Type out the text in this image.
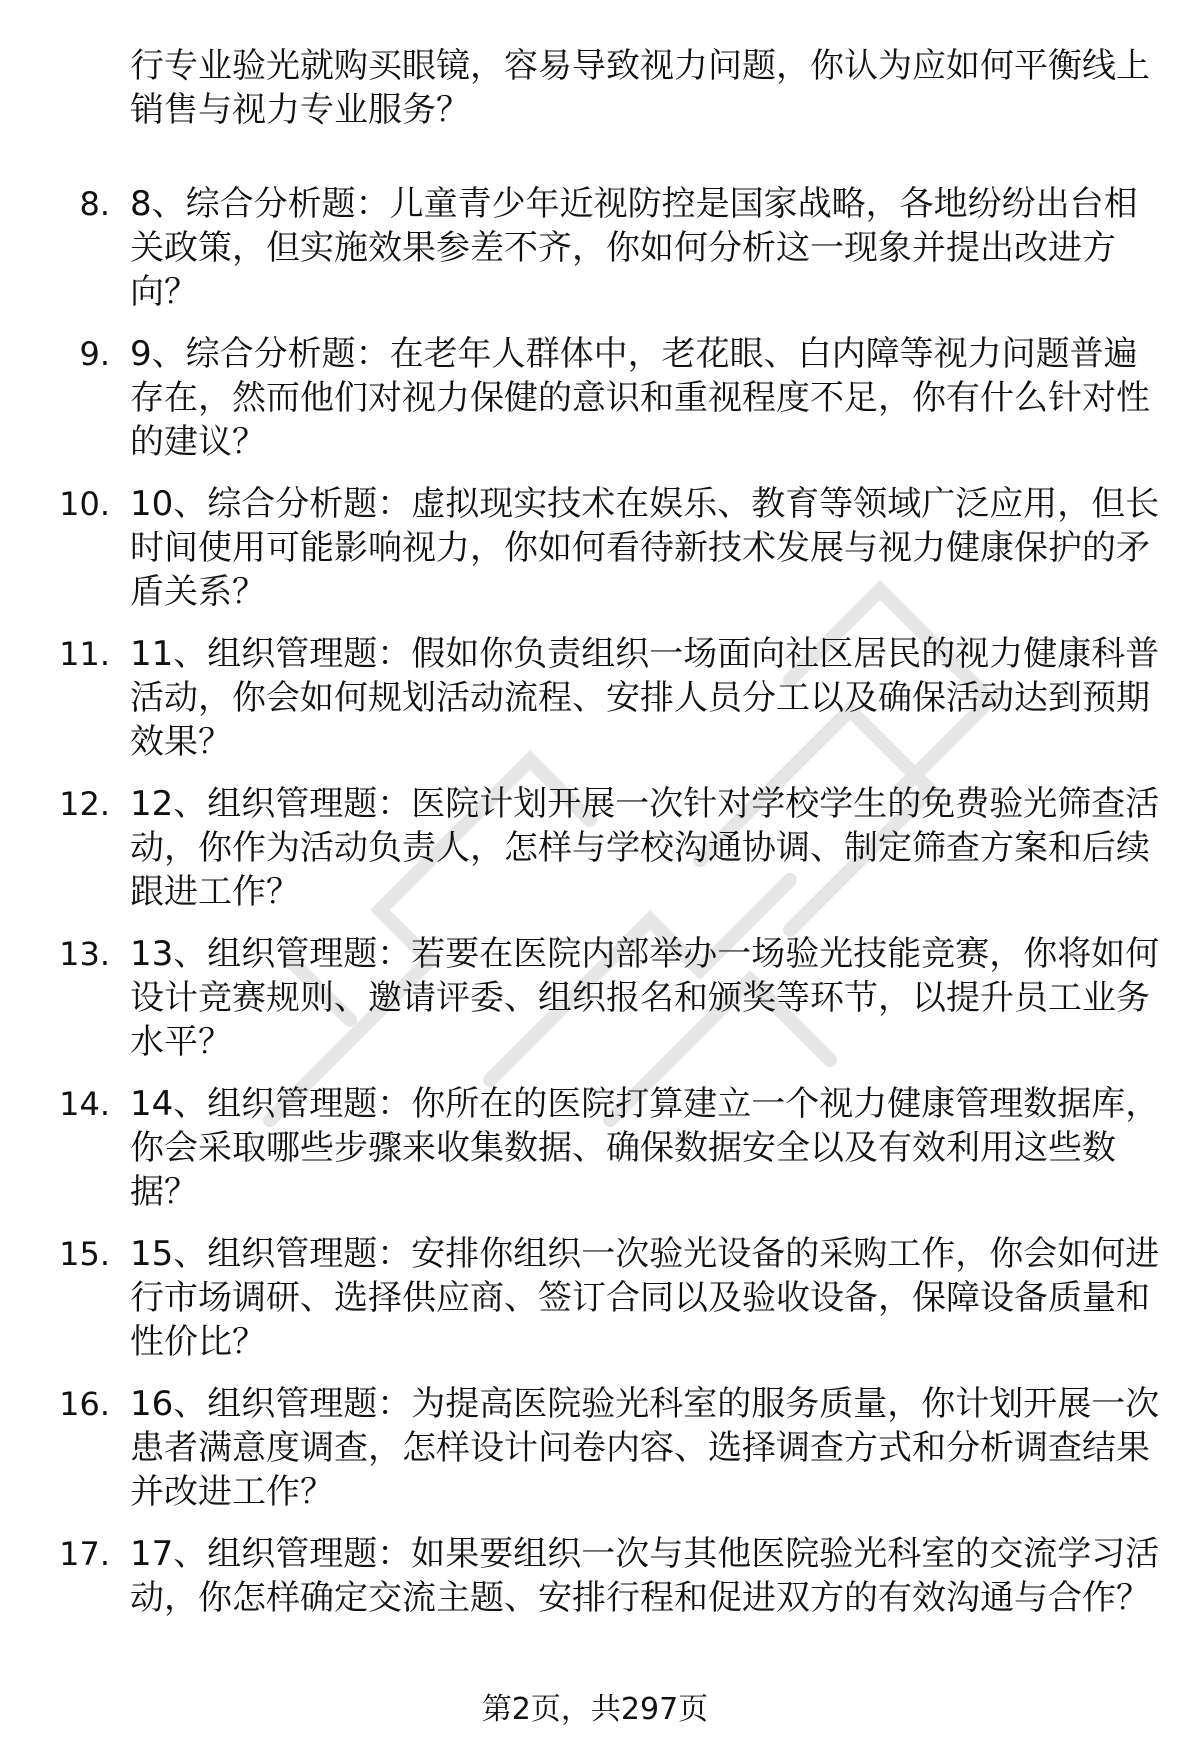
行专业验光就购买眼镜，容易导致视力问题，你认为应如何平衡线上销售与视力专业服务？
8. 8、综合分析题：儿童青少年近视防控是国家战略，各地纷纷出台相关政策，但实施效果参差不齐，你如何分析这一现象并提出改进方向？
9. 9、综合分析题：在老年人群体中，老花眼、白内障等视力问题普遍存在，然而他们对视力保健的意识和重视程度不足，你有什么针对性的建议？
10. 10、综合分析题：虚拟现实技术在娱乐、教育等领域广泛应用，但长时间使用可能影响视力，你如何看待新技术发展与视力健康保护的矛盾关系？
11. 11、组织管理题：假如你负责组织一场面向社区居民的视力健康科普活动，你会如何规划活动流程、安排人员分工以及确保活动达到预期效果？
12. 12、组织管理题：医院计划开展一次针对学校学生的免费验光筛查活动，你作为活动负责人，怎样与学校沟通协调、制定筛查方案和后续跟进工作？
13. 13、组织管理题：若要在医院内部举办一场验光技能竞赛，你将如何设计竞赛规则、邀请评委、组织报名和颁奖等环节，以提升员工业务水平？
14. 14、组织管理题：你所在的医院打算建立一个视力健康管理数据库，你会采取哪些步骤来收集数据、确保数据安全以及有效利用这些数据？
15. 15、组织管理题：安排你组织一次验光设备的采购工作，你会如何进行市场调研、选择供应商、签订合同以及验收设备，保障设备质量和性价比？
16. 16、组织管理题：为提高医院验光科室的服务质量，你计划开展一次患者满意度调查，怎样设计问卷内容、选择调查方式和分析调查结果并改进工作？
17. 17、组织管理题：如果要组织一次与其他医院验光科室的交流学习活动，你怎样确定交流主题、安排行程和促进双方的有效沟通与合作？
第2页，共297页
